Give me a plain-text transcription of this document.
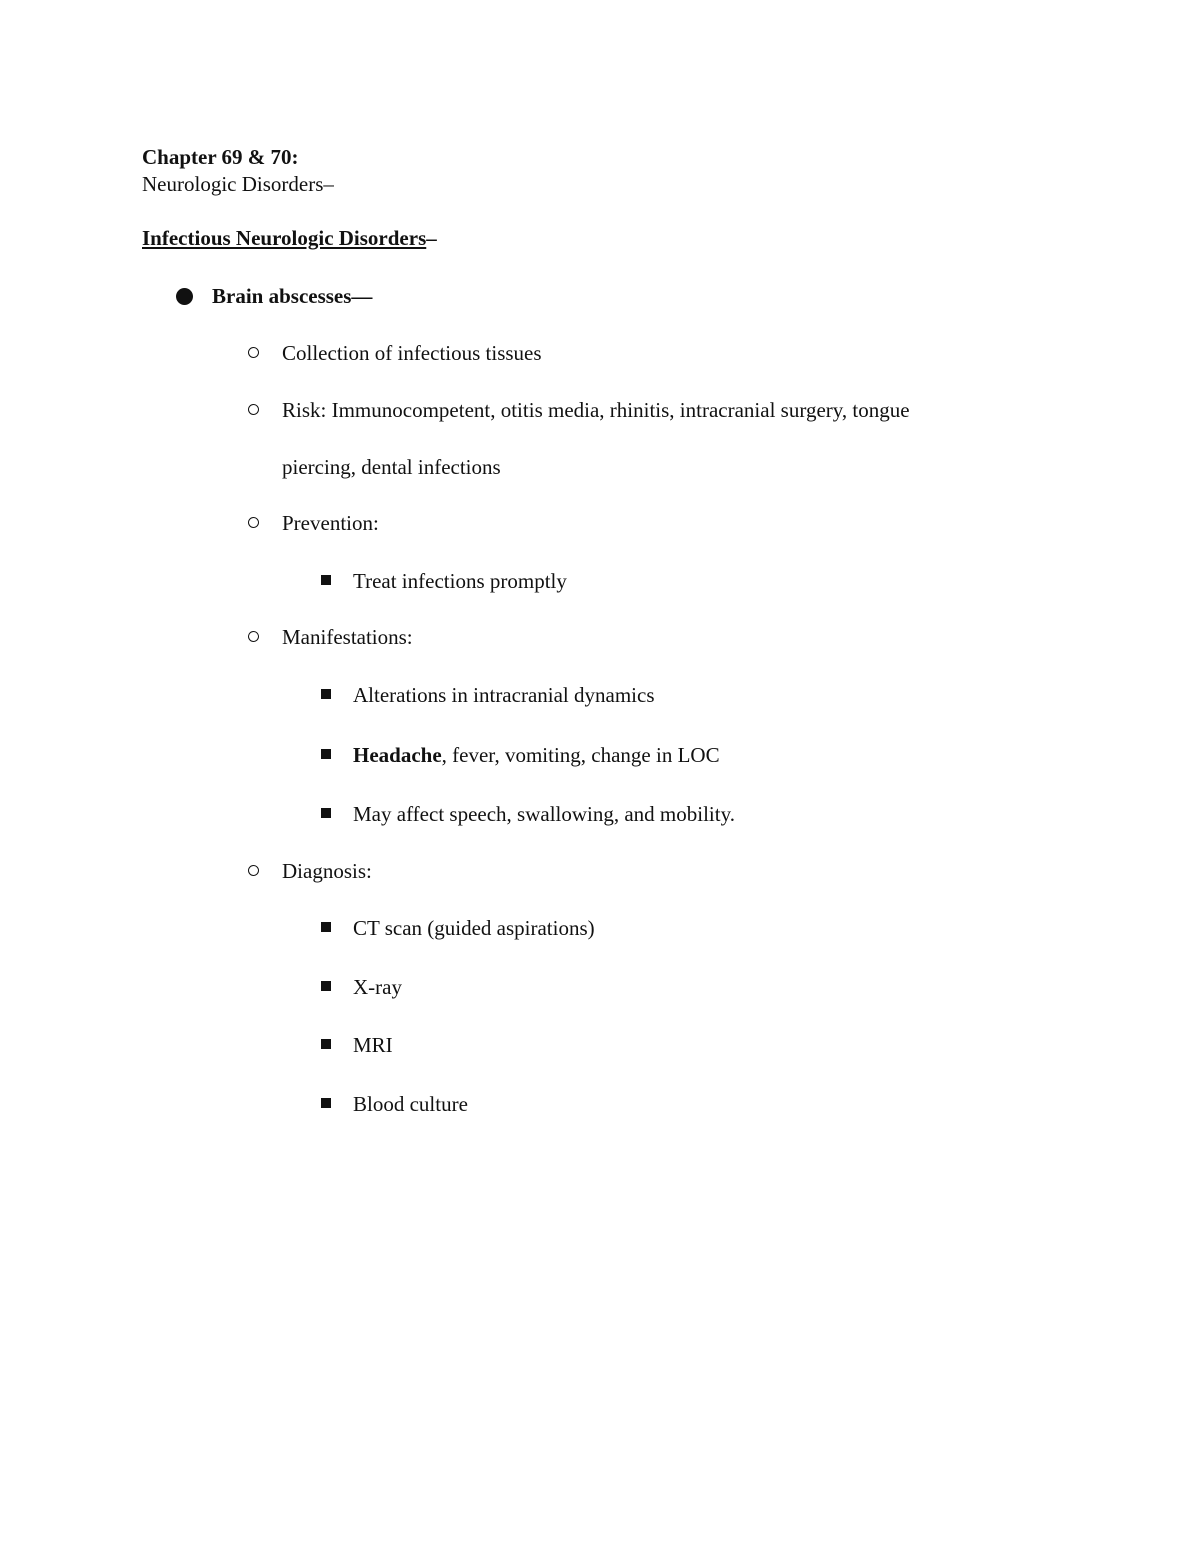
Chapter 69 & 70:
Neurologic Disorders–
Infectious Neurologic Disorders–
Brain abscesses—
Collection of infectious tissues
Risk: Immunocompetent, otitis media, rhinitis, intracranial surgery, tongue
piercing, dental infections
Prevention:
Treat infections promptly
Manifestations:
Alterations in intracranial dynamics
Headache, fever, vomiting, change in LOC
May affect speech, swallowing, and mobility.
Diagnosis:
CT scan (guided aspirations)
X-ray
MRI
Blood culture
